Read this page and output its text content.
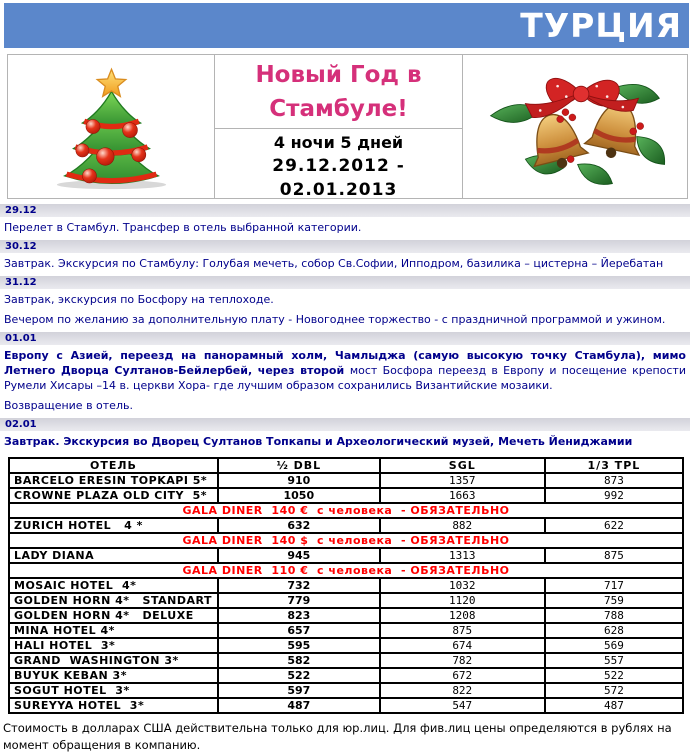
ТУРЦИЯ
Новый Год в
Стамбуле!
4 ночи 5 дней
29.12.2012 - 02.01.2013
29.12
Перелет в Стамбул. Трансфер в отель выбранной категории.
30.12
Завтрак. Экскурсия по Стамбулу: Голубая мечеть, собор Св.Софии, Ипподром, базилика – цистерна – Йеребатан
31.12
Завтрак, экскурсия по Босфору на теплоходе.
Вечером по желанию за дополнительную плату - Новогоднее торжество - с праздничной программой и ужином.
01.01
Европу с Азией, переезд на панорамный холм, Чамлыджа (самую высокую точку Стамбула), мимо Летнего Дворца Султанов-Бейлербей, через второй мост Босфора переезд в Европу и посещение крепости Румели Хисары –14 в. церкви Хора- где лучшим образом сохранились Византийские мозаики.
Возвращение в отель.
02.01
Завтрак. Экскурсия во Дворец Султанов Топкапы и Археологический музей, Мечеть Йениджамии
ОТЕЛЬ	½ DBL	SGL	1/3 TPL
BARCELO ERESIN TOPKAPI 5*	910	1357	873
CROWNE PLAZA OLD CITY  5*	1050	1663	992
GALA DINER  140 €  с человека  - ОБЯЗАТЕЛЬНО			
ZURICH HOTEL   4 *	632	882	622
GALA DINER  140 $  с человека  - ОБЯЗАТЕЛЬНО			
LADY DIANA	945	1313	875
GALA DINER  110 €  с человека  - ОБЯЗАТЕЛЬНО			
MOSAIC HOTEL  4*	732	1032	717
GOLDEN HORN 4*   STANDART	779	1120	759
GOLDEN HORN 4*   DELUXE	823	1208	788
MINA HOTEL 4*	657	875	628
HALI HOTEL  3*	595	674	569
GRAND  WASHINGTON 3*	582	782	557
BUYUK KEBAN 3*	522	672	522
SOGUT HOTEL  3*	597	822	572
SUREYYA HOTEL  3*	487	547	487
Стоимость в долларах США действительна только для юр.лиц. Для фив.лиц цены определяются в рублях на момент обращения в компанию.
